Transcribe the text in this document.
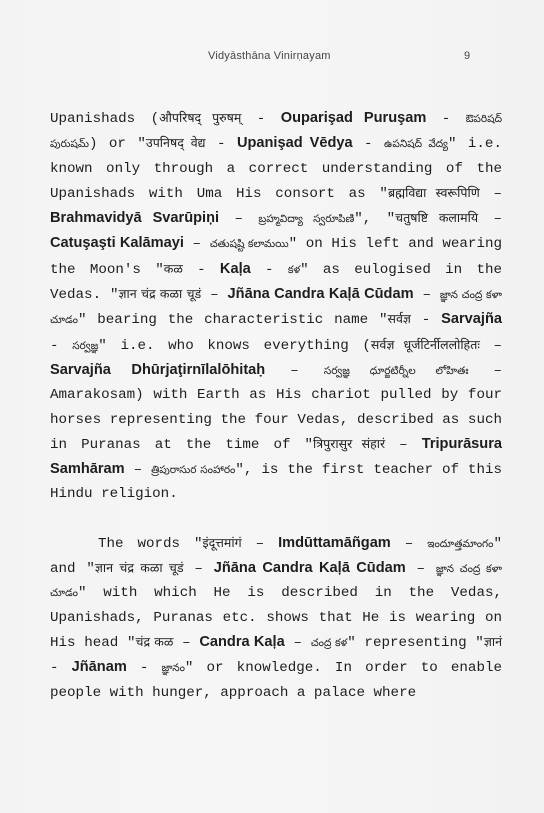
Vidyāsthāna Vinirṇayam	9

Upanishads (औपरिषद् पुरुषम् - Ouparişad Puruşam - ఔపరిషద్ పురుషమ్) or "उपनिषद् वेद्य - Upanişad Vēdya - ఉపనిషద్ వేద్య" i.e. known only through a correct understanding of the Upanishads with Uma His consort as "ब्रह्मविद्या स्वरूपिणि – Brahmavidyā Svarūpiņi – బ్రహ్మవిద్యా స్వరూపిణి", "चतुषष्टि कलामयि – Catuşaşti Kalāmayi – చతుషష్టి కలామయి" on His left and wearing the Moon's "कळ - Kaļa - కళ" as eulogised in the Vedas. "ज्ञान चंद्र कळा चूडं – Jñāna Candra Kaļā Cūdam – జ్ఞాన చంద్ర కళా చూడం" bearing the characteristic name "सर्वज्ञ - Sarvajña - సర్వజ్ఞ" i.e. who knows everything (सर्वज्ञ धूर्जटिर्नीललोहितः – Sarvajña Dhūrjaţirnīlalōhitaḥ – సర్వజ్ఞ ధూర్జటిర్నీల లోహితః – Amarakosam) with Earth as His chariot pulled by four horses representing the four Vedas, described as such in Puranas at the time of "त्रिपुरासुर संहारं – Tripurāsura Samhāram – త్రిపురాసుర సంహారం", is the first teacher of this Hindu religion.

The words "इंदूत्तमांगं – Imdūttamāñgam – ఇందూత్తమాంగం" and "ज्ञान चंद्र कळा चूडं – Jñāna Candra Kaļā Cūdam – జ్ఞాన చంద్ర కళా చూడం" with which He is described in the Vedas, Upanishads, Puranas etc. shows that He is wearing on His head "चंद्र कळ – Candra Kaļa – చంద్ర కళ" representing "ज्ञानं - Jñānam - జ్ఞానం" or knowledge. In order to enable people with hunger, approach a palace where
